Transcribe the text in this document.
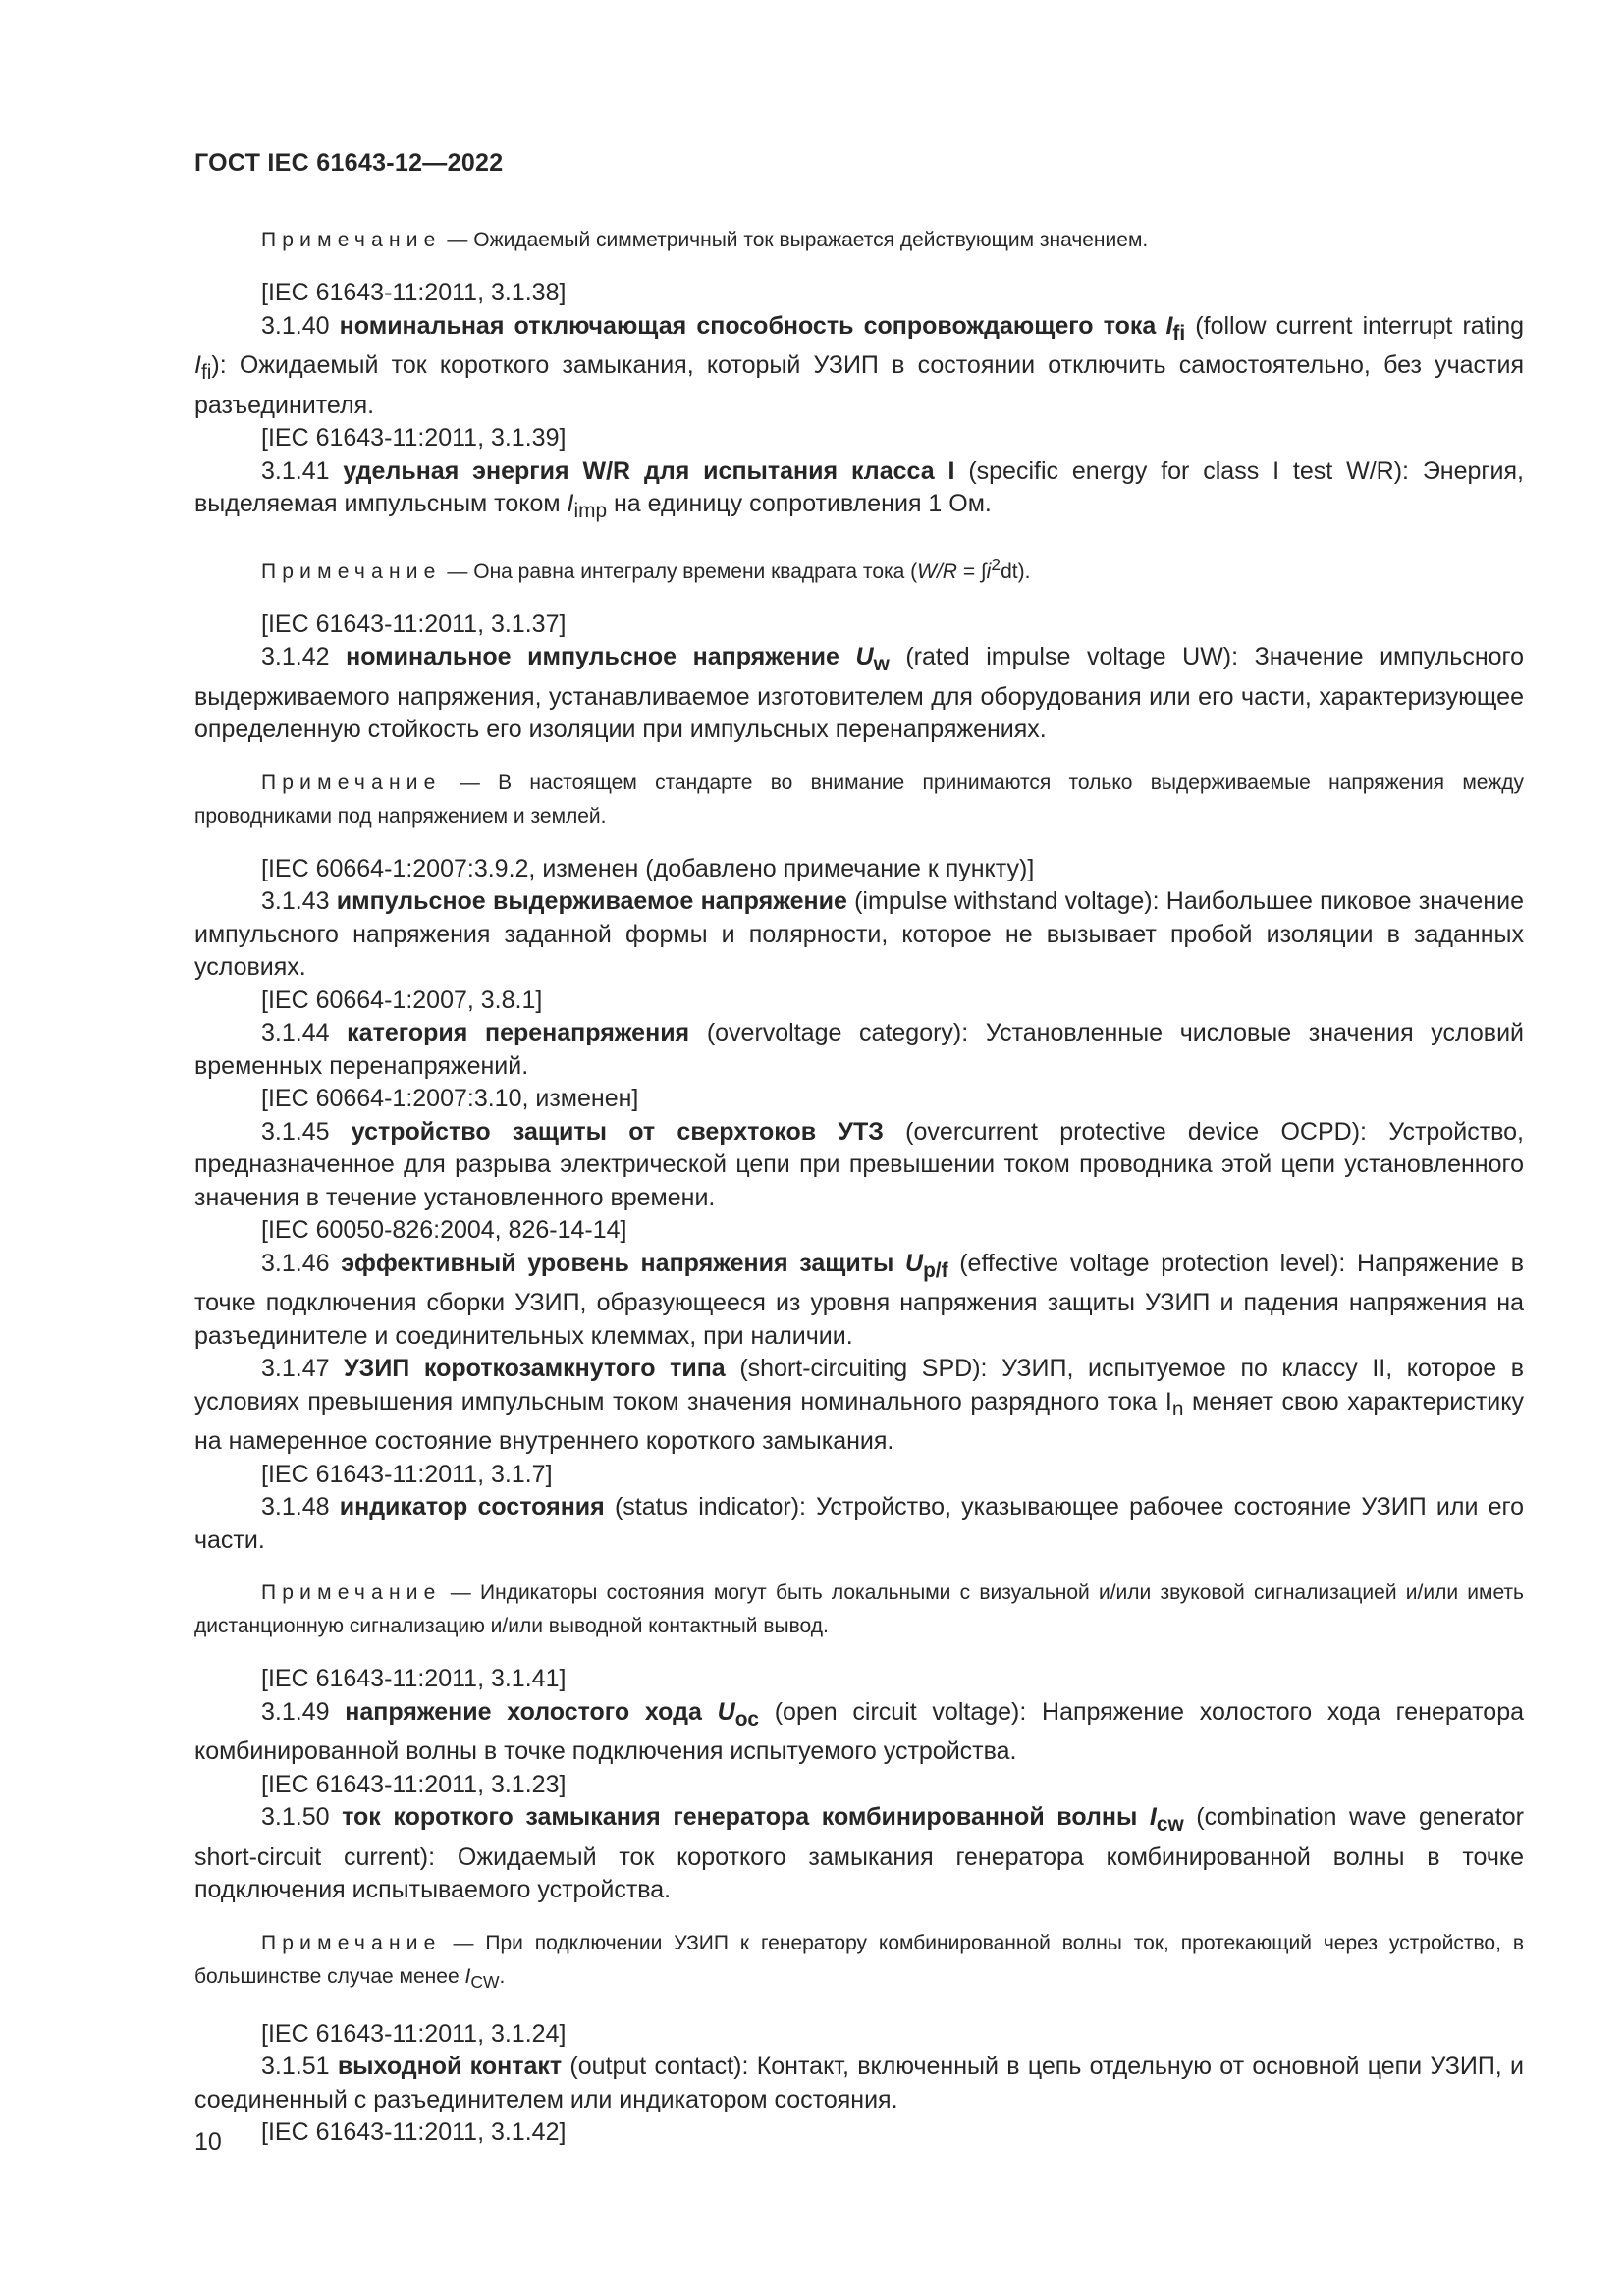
ГОСТ IEC 61643-12—2022

Примечание — Ожидаемый симметричный ток выражается действующим значением.

[IEC 61643-11:2011, 3.1.38]

3.1.40 номинальная отключающая способность сопровождающего тока $I_{fi}$ (follow current interrupt rating $I_{fi}$): Ожидаемый ток короткого замыкания, который УЗИП в состоянии отключить самостоятельно, без участия разъединителя.

[IEC 61643-11:2011, 3.1.39]

3.1.41 удельная энергия W/R для испытания класса I (specific energy for class I test W/R): Энергия, выделяемая импульсным током $I_{imp}$ на единицу сопротивления 1 Ом.

Примечание — Она равна интегралу времени квадрата тока $(W/R = \int i^2dt)$.

[IEC 61643-11:2011, 3.1.37]

3.1.42 номинальное импульсное напряжение $U_w$ (rated impulse voltage UW): Значение импульсного выдерживаемого напряжения, устанавливаемое изготовителем для оборудования или его части, характеризующее определенную стойкость его изоляции при импульсных перенапряжениях.

Примечание — В настоящем стандарте во внимание принимаются только выдерживаемые напряжения между проводниками под напряжением и землей.

[IEC 60664-1:2007:3.9.2, изменен (добавлено примечание к пункту)]

3.1.43 импульсное выдерживаемое напряжение (impulse withstand voltage): Наибольшее пиковое значение импульсного напряжения заданной формы и полярности, которое не вызывает пробой изоляции в заданных условиях.

[IEC 60664-1:2007, 3.8.1]

3.1.44 категория перенапряжения (overvoltage category): Установленные числовые значения условий временных перенапряжений.

[IEC 60664-1:2007:3.10, изменен]

3.1.45 устройство защиты от сверхтоков УТЗ (overcurrent protective device OCPD): Устройство, предназначенное для разрыва электрической цепи при превышении током проводника этой цепи установленного значения в течение установленного времени.

[IEC 60050-826:2004, 826-14-14]

3.1.46 эффективный уровень напряжения защиты $U_{p/f}$ (effective voltage protection level): Напряжение в точке подключения сборки УЗИП, образующееся из уровня напряжения защиты УЗИП и падения напряжения на разъединителе и соединительных клеммах, при наличии.

3.1.47 УЗИП короткозамкнутого типа (short-circuiting SPD): УЗИП, испытуемое по классу II, которое в условиях превышения импульсным током значения номинального разрядного тока $I_n$ меняет свою характеристику на намеренное состояние внутреннего короткого замыкания.

[IEC 61643-11:2011, 3.1.7]

3.1.48 индикатор состояния (status indicator): Устройство, указывающее рабочее состояние УЗИП или его части.

Примечание — Индикаторы состояния могут быть локальными с визуальной и/или звуковой сигнализацией и/или иметь дистанционную сигнализацию и/или выводной контактный вывод.

[IEC 61643-11:2011, 3.1.41]

3.1.49 напряжение холостого хода $U_{oc}$ (open circuit voltage): Напряжение холостого хода генератора комбинированной волны в точке подключения испытуемого устройства.

[IEC 61643-11:2011, 3.1.23]

3.1.50 ток короткого замыкания генератора комбинированной волны $I_{cw}$ (combination wave generator short-circuit current): Ожидаемый ток короткого замыкания генератора комбинированной волны в точке подключения испытываемого устройства.

Примечание — При подключении УЗИП к генератору комбинированной волны ток, протекающий через устройство, в большинстве случае менее $I_{CW}$.

[IEC 61643-11:2011, 3.1.24]

3.1.51 выходной контакт (output contact): Контакт, включенный в цепь отдельную от основной цепи УЗИП, и соединенный с разъединителем или индикатором состояния.

[IEC 61643-11:2011, 3.1.42]

10
